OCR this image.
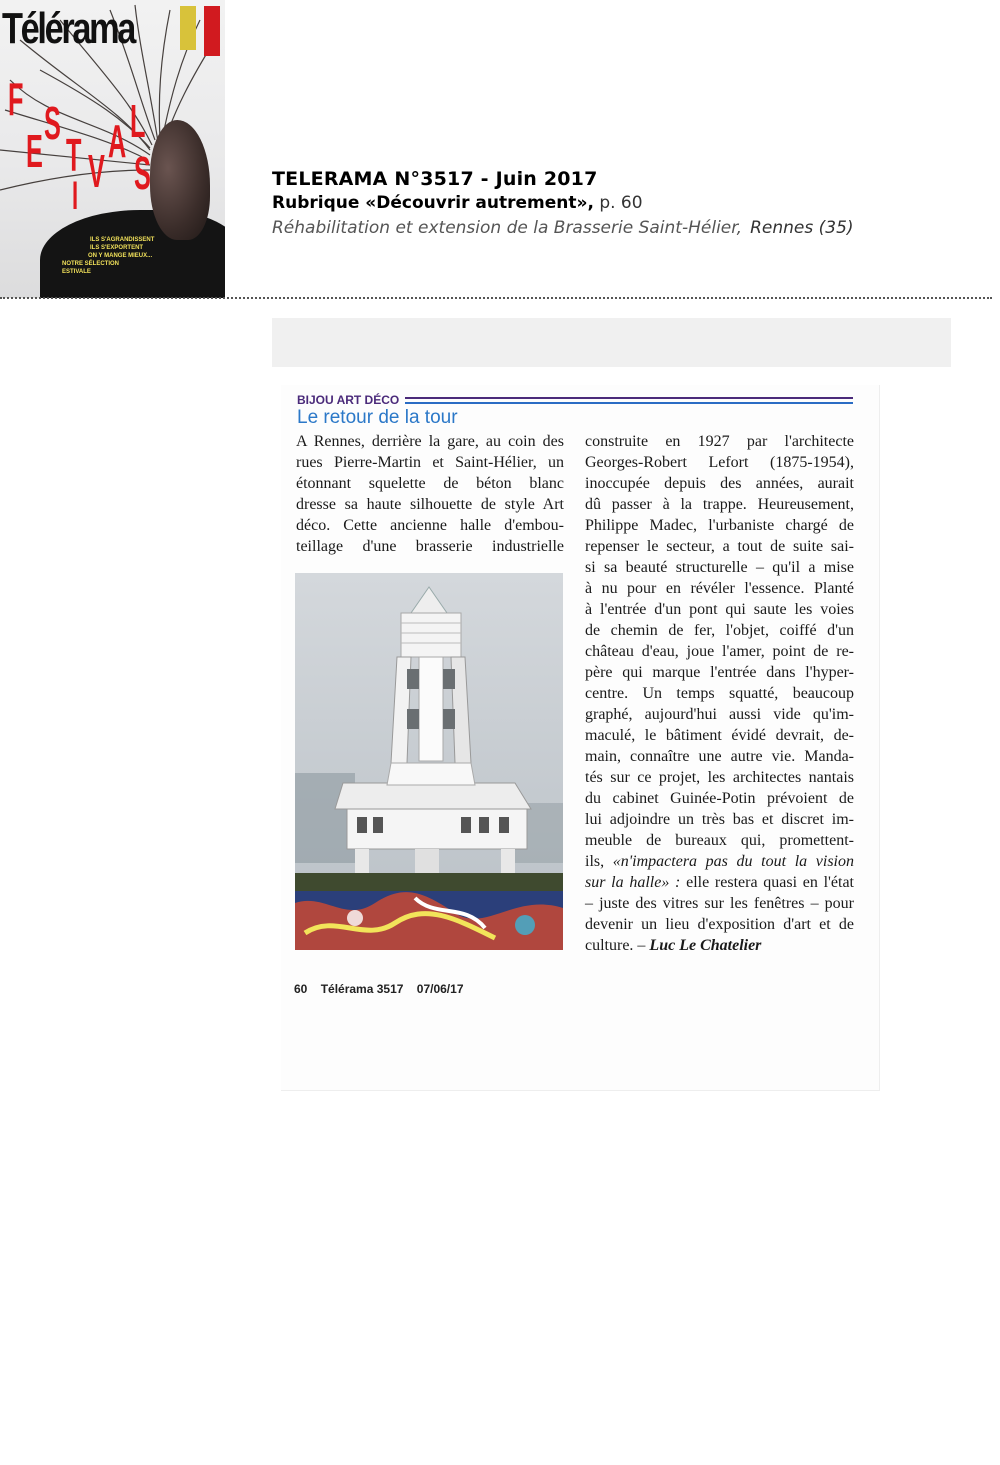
Télérama
F
E
S
T
I V
A L
S
ILS S'AGRANDISSENT
ILS S'EXPORTENT
ON Y MANGE MIEUX...
NOTRE SÉLECTION
ESTIVALE
TELERAMA N°3517 - Juin 2017
Rubrique «Découvrir autrement», p. 60
Réhabilitation et extension de la Brasserie Saint-Hélier, Rennes (35)
BIJOU ART DÉCO
Le retour de la tour
A Rennes, derrière la gare, au coin des
rues Pierre-Martin et Saint-Hélier, un
étonnant squelette de béton blanc
dresse sa haute silhouette de style Art
déco. Cette ancienne halle d'embou-
teillage d'une brasserie industrielle
construite en 1927 par l'architecte
Georges-Robert Lefort (1875-1954),
inoccupée depuis des années, aurait
dû passer à la trappe. Heureusement,
Philippe Madec, l'urbaniste chargé de
repenser le secteur, a tout de suite sai-
si sa beauté structurelle – qu'il a mise
à nu pour en révéler l'essence. Planté
à l'entrée d'un pont qui saute les voies
de chemin de fer, l'objet, coiffé d'un
château d'eau, joue l'amer, point de re-
père qui marque l'entrée dans l'hyper-
centre. Un temps squatté, beaucoup
graphé, aujourd'hui aussi vide qu'im-
maculé, le bâtiment évidé devrait, de-
main, connaître une autre vie. Manda-
tés sur ce projet, les architectes nantais
du cabinet Guinée-Potin prévoient de
lui adjoindre un très bas et discret im-
meuble de bureaux qui, promettent-
ils, «n'impactera pas du tout la vision
sur la halle» : elle restera quasi en l'état
– juste des vitres sur les fenêtres – pour
devenir un lieu d'exposition d'art et de
culture. – Luc Le Chatelier
60 Télérama 3517 07/06/17
